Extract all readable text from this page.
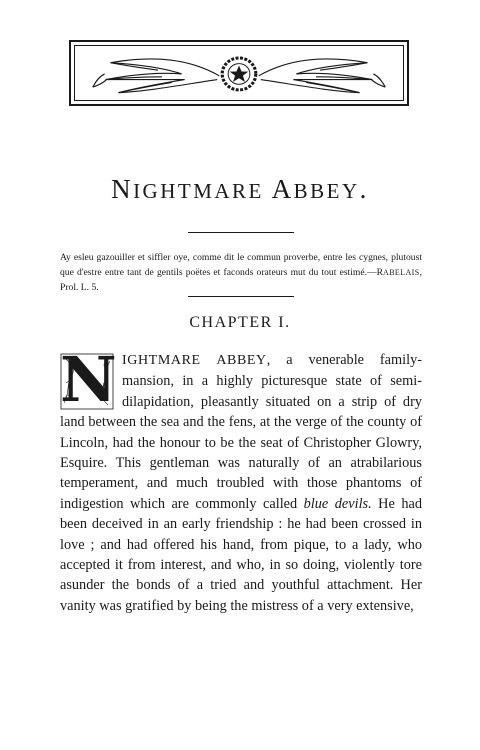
NIGHTMARE ABBEY.

Ay esleu gazouiller et siffler oye, comme dit le commun proverbe, entre les cygnes, plutoust que d'estre entre tant de gentils poëtes et faconds orateurs mut du tout estimé.—RABELAIS, Prol. L. 5.

CHAPTER I.

N IGHTMARE ABBEY, a venerable family-mansion, in a highly picturesque state of semi-dilapidation, pleasantly situated on a strip of dry land between the sea and the fens, at the verge of the county of Lincoln, had the honour to be the seat of Christopher Glowry, Esquire. This gentleman was naturally of an atrabilarious temperament, and much troubled with those phantoms of indigestion which are commonly called blue devils. He had been deceived in an early friendship : he had been crossed in love ; and had offered his hand, from pique, to a lady, who accepted it from interest, and who, in so doing, violently tore asunder the bonds of a tried and youthful attachment. Her vanity was gratified by being the mistress of a very extensive,
